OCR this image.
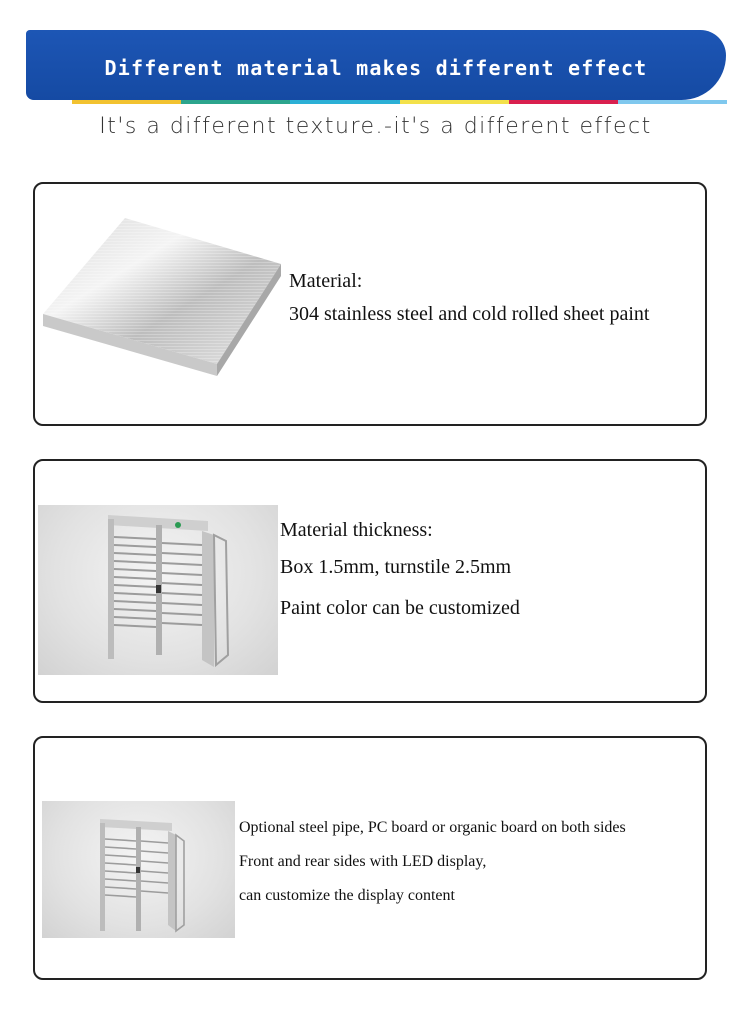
Different material makes different effect
It's a different texture.-it's a different effect

Material:

304 stainless steel and cold rolled sheet paint

Material thickness:

Box 1.5mm, turnstile 2.5mm

Paint color can be customized

Optional steel pipe, PC board or organic board on both sides

Front and rear sides with LED display,

can customize the display content
